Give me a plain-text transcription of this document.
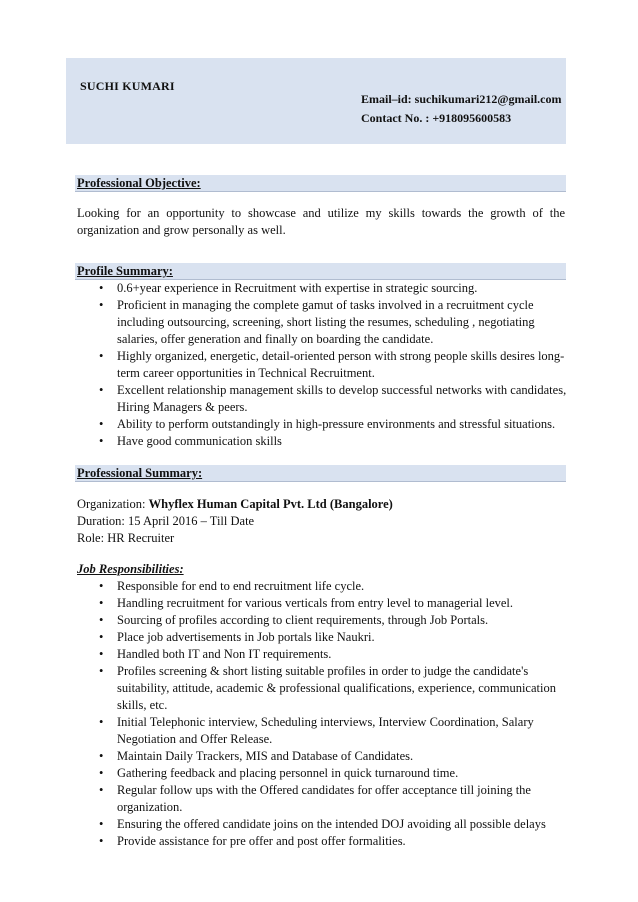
SUCHI KUMARI
Email–id: suchikumari212@gmail.com
Contact No. : +918095600583
Professional Objective:
Looking for an opportunity to showcase and utilize my skills towards the growth of the organization and grow personally as well.
Profile Summary:
• 0.6+year experience in Recruitment with expertise in strategic sourcing.
• Proficient in managing the complete gamut of tasks involved in a recruitment cycle including outsourcing, screening, short listing the resumes, scheduling , negotiating salaries, offer generation and finally on boarding the candidate.
• Highly organized, energetic, detail-oriented person with strong people skills desires long-term career opportunities in Technical Recruitment.
• Excellent relationship management skills to develop successful networks with candidates, Hiring Managers & peers.
• Ability to perform outstandingly in high-pressure environments and stressful situations.
• Have good communication skills
Professional Summary:
Organization: Whyflex Human Capital Pvt. Ltd (Bangalore)
Duration: 15 April 2016 – Till Date
Role: HR Recruiter
Job Responsibilities:
• Responsible for end to end recruitment life cycle.
• Handling recruitment for various verticals from entry level to managerial level.
• Sourcing of profiles according to client requirements, through Job Portals.
• Place job advertisements in Job portals like Naukri.
• Handled both IT and Non IT requirements.
• Profiles screening & short listing suitable profiles in order to judge the candidate's suitability, attitude, academic & professional qualifications, experience, communication skills, etc.
• Initial Telephonic interview, Scheduling interviews, Interview Coordination, Salary Negotiation and Offer Release.
• Maintain Daily Trackers, MIS and Database of Candidates.
• Gathering feedback and placing personnel in quick turnaround time.
• Regular follow ups with the Offered candidates for offer acceptance till joining the organization.
• Ensuring the offered candidate joins on the intended DOJ avoiding all possible delays
• Provide assistance for pre offer and post offer formalities.
